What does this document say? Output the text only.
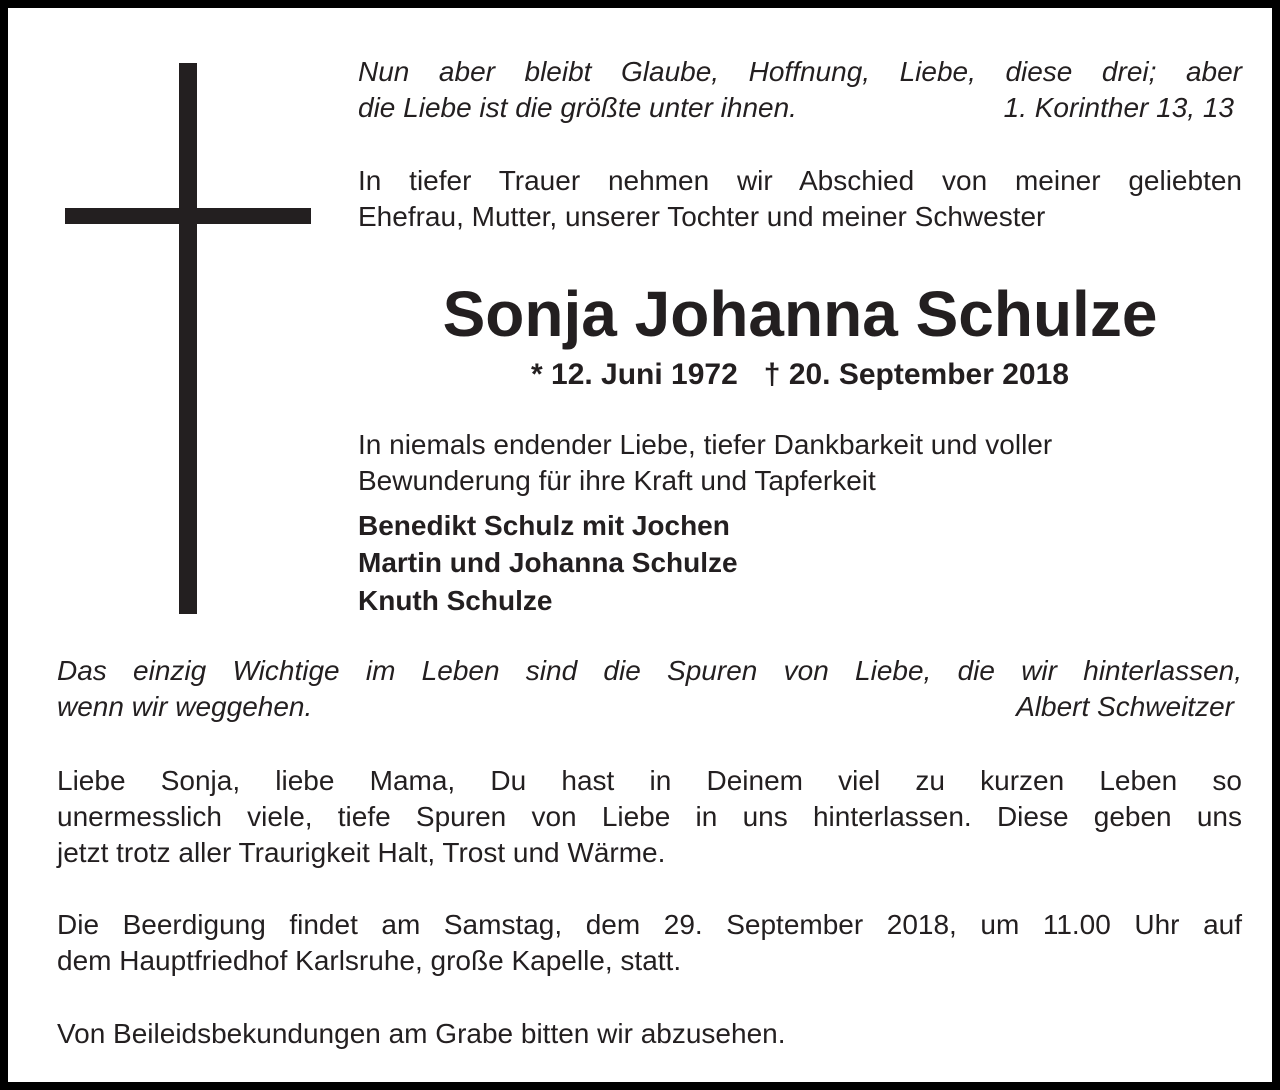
Nun aber bleibt Glaube, Hoffnung, Liebe, diese drei; aber
die Liebe ist die größte unter ihnen.	1. Korinther 13, 13
In tiefer Trauer nehmen wir Abschied von meiner geliebten
Ehefrau, Mutter, unserer Tochter und meiner Schwester
Sonja Johanna Schulze
* 12. Juni 1972 † 20. September 2018
In niemals endender Liebe, tiefer Dankbarkeit und voller
Bewunderung für ihre Kraft und Tapferkeit
Benedikt Schulz mit Jochen
Martin und Johanna Schulze
Knuth Schulze
Das einzig Wichtige im Leben sind die Spuren von Liebe, die wir hinterlassen,
wenn wir weggehen.	Albert Schweitzer
Liebe Sonja, liebe Mama, Du hast in Deinem viel zu kurzen Leben so
unermesslich viele, tiefe Spuren von Liebe in uns hinterlassen. Diese geben uns
jetzt trotz aller Traurigkeit Halt, Trost und Wärme.
Die Beerdigung findet am Samstag, dem 29. September 2018, um 11.00 Uhr auf
dem Hauptfriedhof Karlsruhe, große Kapelle, statt.
Von Beileidsbekundungen am Grabe bitten wir abzusehen.
